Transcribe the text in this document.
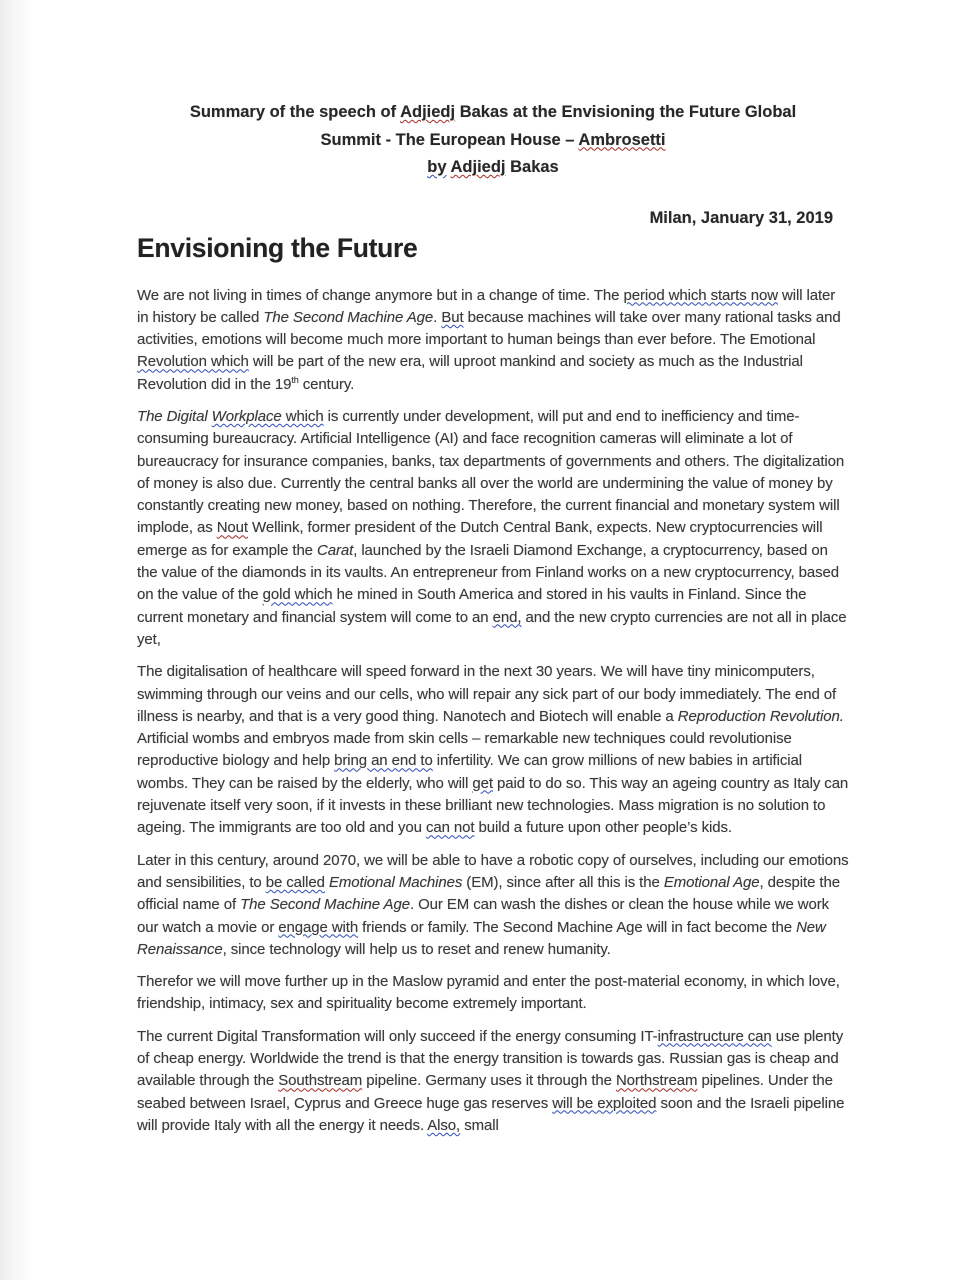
Summary of the speech of Adjiedj Bakas at the Envisioning the Future Global
Summit - The European House – Ambrosetti
by Adjiedj Bakas
Milan, January 31, 2019
Envisioning the Future

We are not living in times of change anymore but in a change of time. The period which starts now will later in history be called The Second Machine Age. But because machines will take over many rational tasks and activities, emotions will become much more important to human beings than ever before. The Emotional Revolution which will be part of the new era, will uproot mankind and society as much as the Industrial Revolution did in the 19th century.

The Digital Workplace which is currently under development, will put and end to inefficiency and time-consuming bureaucracy. Artificial Intelligence (AI) and face recognition cameras will eliminate a lot of bureaucracy for insurance companies, banks, tax departments of governments and others. The digitalization of money is also due. Currently the central banks all over the world are undermining the value of money by constantly creating new money, based on nothing. Therefore, the current financial and monetary system will implode, as Nout Wellink, former president of the Dutch Central Bank, expects. New cryptocurrencies will emerge as for example the Carat, launched by the Israeli Diamond Exchange, a cryptocurrency, based on the value of the diamonds in its vaults. An entrepreneur from Finland works on a new cryptocurrency, based on the value of the gold which he mined in South America and stored in his vaults in Finland. Since the current monetary and financial system will come to an end, and the new crypto currencies are not all in place yet,

The digitalisation of healthcare will speed forward in the next 30 years. We will have tiny minicomputers, swimming through our veins and our cells, who will repair any sick part of our body immediately. The end of illness is nearby, and that is a very good thing. Nanotech and Biotech will enable a Reproduction Revolution. Artificial wombs and embryos made from skin cells – remarkable new techniques could revolutionise reproductive biology and help bring an end to infertility. We can grow millions of new babies in artificial wombs. They can be raised by the elderly, who will get paid to do so. This way an ageing country as Italy can rejuvenate itself very soon, if it invests in these brilliant new technologies. Mass migration is no solution to ageing. The immigrants are too old and you can not build a future upon other people’s kids.

Later in this century, around 2070, we will be able to have a robotic copy of ourselves, including our emotions and sensibilities, to be called Emotional Machines (EM), since after all this is the Emotional Age, despite the official name of The Second Machine Age. Our EM can wash the dishes or clean the house while we work our watch a movie or engage with friends or family. The Second Machine Age will in fact become the New Renaissance, since technology will help us to reset and renew humanity.

Therefor we will move further up in the Maslow pyramid and enter the post-material economy, in which love, friendship, intimacy, sex and spirituality become extremely important.

The current Digital Transformation will only succeed if the energy consuming IT-infrastructure can use plenty of cheap energy. Worldwide the trend is that the energy transition is towards gas. Russian gas is cheap and available through the Southstream pipeline. Germany uses it through the Northstream pipelines. Under the seabed between Israel, Cyprus and Greece huge gas reserves will be exploited soon and the Israeli pipeline will provide Italy with all the energy it needs. Also, small
